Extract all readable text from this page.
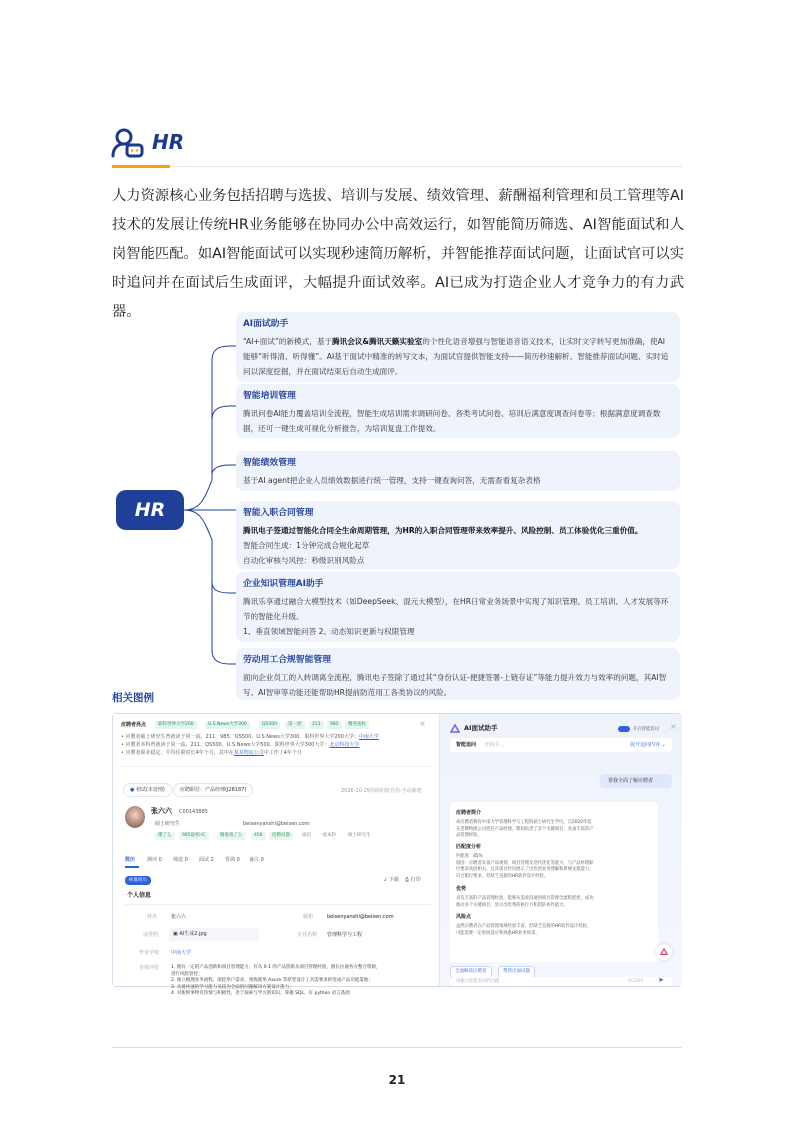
HR
人力资源核心业务包括招聘与选拔、培训与发展、绩效管理、薪酬福利管理和员工管理等AI技术的发展让传统HR业务能够在协同办公中高效运行，如智能简历筛选、AI智能面试和人岗智能匹配。如AI智能面试可以实现秒速简历解析，并智能推荐面试问题，让面试官可以实时追问并在面试后生成面评，大幅提升面试效率。AI已成为打造企业人才竞争力的有力武器。
HR
AI面试助手
“AI+面试”的新模式，基于腾讯会议&腾讯天籁实验室的个性化语音增强与智能语音语义技术，让实时文字转写更加准确，使AI能够“听得清、听得懂”。AI基于面试中精准的转写文本，为面试官提供智能支持——简历秒速解析、智能推荐面试问题、实时追问以深度挖掘，并在面试结束后自动生成面评。
智能培训管理
腾讯问卷AI能力覆盖培训全流程，智能生成培训需求调研问卷、各类考试问卷、培训后满意度调查问卷等；根据满意度调查数据，还可一键生成可视化分析报告，为培训复盘工作提效。
智能绩效管理
基于AI agent把企业人员绩效数据进行统一管理，支持一键查询问答，无需查看复杂表格
智能入职合同管理
腾讯电子签通过智能化合同全生命周期管理，为HR的入职合同管理带来效率提升、风险控制、员工体验优化三重价值。
智能合同生成：1分钟完成合规化起草
自动化审核与风控：秒级识别风险点
企业知识管理AI助手
腾讯乐享通过融合大模型技术（如DeepSeek、混元大模型），在HR日常业务场景中实现了知识管理、员工培训、人才发展等环节的智能化升级。
1、垂直领域智能问答 2、动态知识更新与权限管理
劳动用工合规智能管理
面向企业员工的入转调离全流程，腾讯电子签除了通过其“身份认证-便捷签署-上链存证”等能力提升效力与效率的问题，其AI智写、AI智审等功能还能帮助HR提前防范用工各类协议的风险。
相关图例
应聘者亮点	职科世界大学200	U.S.News大学300	QS500	第一流	211	985	精英指标	×
• 应聘者硕士研究生曾就读于同一流、211、985、QS500、U.S.News大学300、职科世界大学200大学：中南大学
• 应聘者本科曾就读于同一流、211、QS500、U.S.News大学500、职科世界大学300大学：北京科技大学
• 应聘者职业稳定，平均任职时长4年个月，其中在某某物流公司中工作了4年个月
● 初试(未处理)	应聘职位：产品经理(J28187)	2026-10-25用组织转自份·手动新建
张六六 C00143885
硕士研究生	beisenyanshi@beisen.com
懂了么	985最相-IC	精准推了么	456	招聘问题	质招	一流本科	硕士研究生
简历 测评 0 筛选 0 面试 2 背调 0 备注 0
标准简历	↓ 下载 ⎙ 打印
个人信息
姓名	张六六	邮箱	beisenyanshi@beisen.com
证件照	▣ AI生成2.jpg	专业名称 管理科学与工程
毕业学校 中南大学
自我评价	1. 拥有一定的产品创新和项目管理能力，有从 0-1 的产品创新及项目管理经验，擅长拉通各方整合资源，
进行风险管控；
2. 独立梳理业务流程、深挖用户需求，熟练使用 Axure 等原型设计工具需要求转变成产品功能落地；
3. 具备快速的学习能力及较为全面的问题解决方案设计能力；
4. 对新鲜事物有热情与积极性，善于探索与学习新知识，掌握 SQL、有 python 语言基础
AI面试助手	开启智能追问 ×
智能追问 开始中…	展开追问内容 ⌄
帮我全面了解应聘者
应聘者简介
该应聘者拥有中南大学管理科学与工程的硕士研究生学历，自2020年起
在老牌物流公司担任产品经理，期间负责了多个关键项目，具备丰富的产
品管理经验。
匹配度分析
匹配度：85%
原因：应聘者具备产品规划、项目管理及迭代优化等能力，与产品经理职
位要求高度相关，且其项目经历展示了出色的业务理解和系统实施能力，
符合职位要求，但缺乏直接的HR软件设计经验。
优势
具有丰富的产品管理经验，能够从需求沟通到项目管理全流程把控，成功
推动多个关键项目，显示出优秀的执行力和团队协作能力。
风险点
虽然应聘者在产品管理领域经验丰富，但缺乏直接的HR软件设计经验，
可能需要一定时间适应和熟悉HR业务场景。
全面解读应聘者	帮我出面试题
请输入您想追问的问题	0/2000 ➤
21
